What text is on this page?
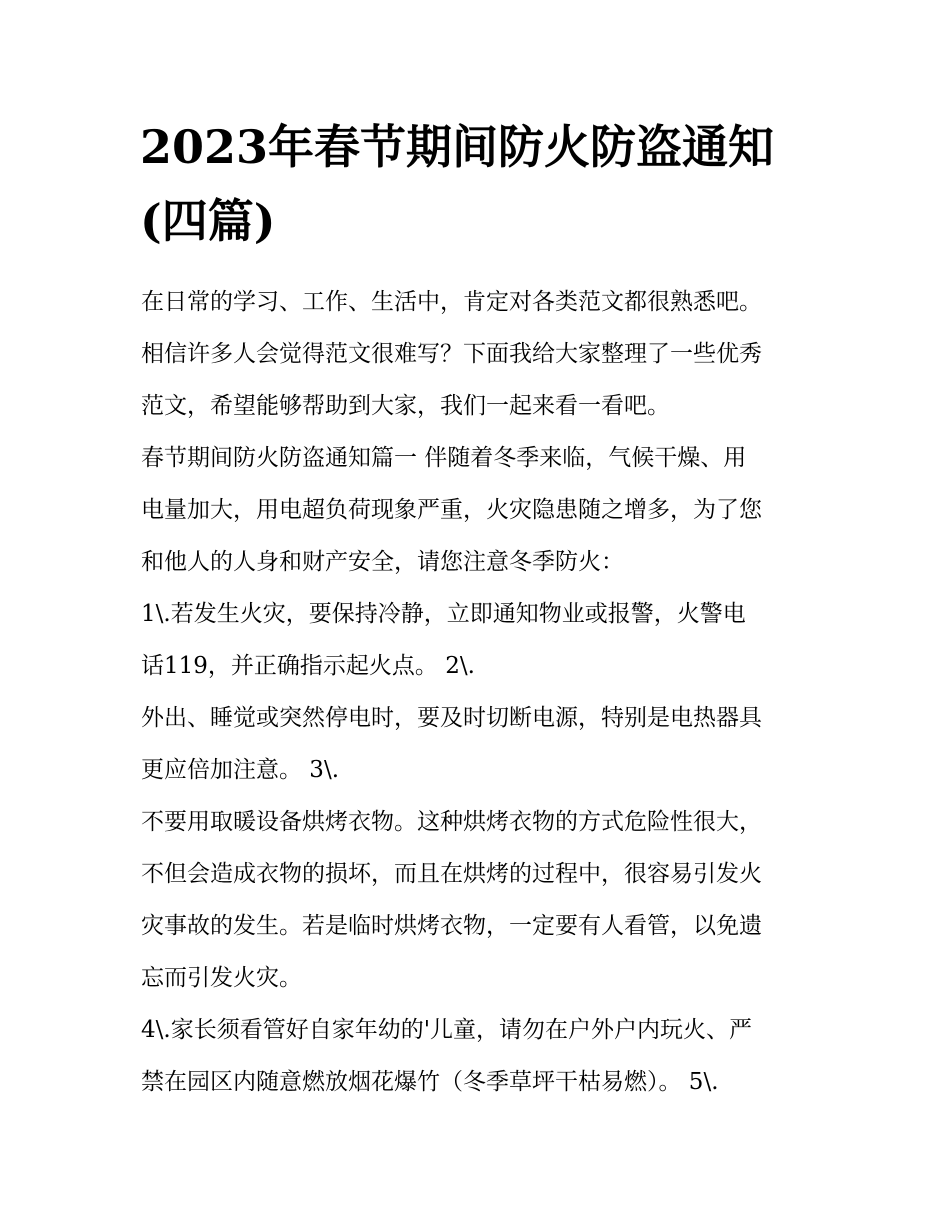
2023年春节期间防火防盗通知
(四篇)

在日常的学习、工作、生活中，肯定对各类范文都很熟悉吧。

相信许多人会觉得范文很难写？下面我给大家整理了一些优秀

范文，希望能够帮助到大家，我们一起来看一看吧。

春节期间防火防盗通知篇一 伴随着冬季来临，气候干燥、用

电量加大，用电超负荷现象严重，火灾隐患随之增多，为了您

和他人的人身和财产安全，请您注意冬季防火：

1\.若发生火灾，要保持冷静，立即通知物业或报警，火警电

话119，并正确指示起火点。 2\.

外出、睡觉或突然停电时，要及时切断电源，特别是电热器具

更应倍加注意。 3\.

不要用取暖设备烘烤衣物。这种烘烤衣物的方式危险性很大，

不但会造成衣物的损坏，而且在烘烤的过程中，很容易引发火

灾事故的发生。若是临时烘烤衣物，一定要有人看管，以免遗

忘而引发火灾。

4\.家长须看管好自家年幼的'儿童，请勿在户外户内玩火、严

禁在园区内随意燃放烟花爆竹（冬季草坪干枯易燃）。 5\.
